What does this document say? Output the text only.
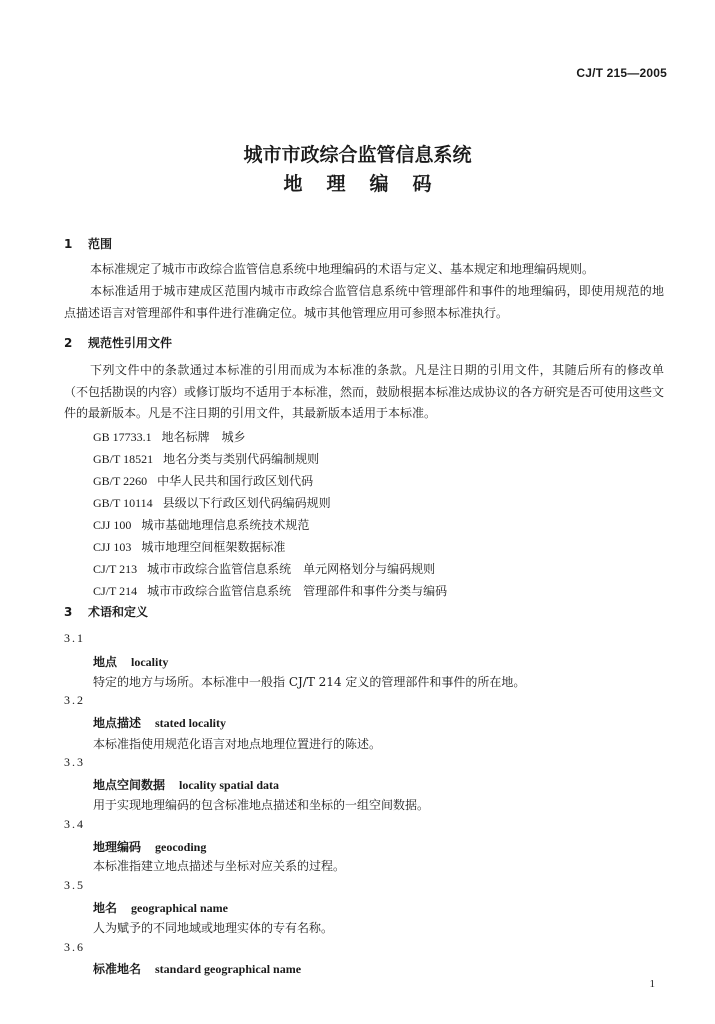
CJ/T 215—2005
城市市政综合监管信息系统
地理编码
1 范围
本标准规定了城市市政综合监管信息系统中地理编码的术语与定义、基本规定和地理编码规则。
本标准适用于城市建成区范围内城市市政综合监管信息系统中管理部件和事件的地理编码，即使用规范的地点描述语言对管理部件和事件进行准确定位。城市其他管理应用可参照本标准执行。
2 规范性引用文件
下列文件中的条款通过本标准的引用而成为本标准的条款。凡是注日期的引用文件，其随后所有的修改单（不包括勘误的内容）或修订版均不适用于本标准，然而，鼓励根据本标准达成协议的各方研究是否可使用这些文件的最新版本。凡是不注日期的引用文件，其最新版本适用于本标准。
GB 17733.1 地名标牌　城乡
GB/T 18521 地名分类与类别代码编制规则
GB/T 2260 中华人民共和国行政区划代码
GB/T 10114 县级以下行政区划代码编码规则
CJJ 100 城市基础地理信息系统技术规范
CJJ 103 城市地理空间框架数据标准
CJ/T 213 城市市政综合监管信息系统　单元网格划分与编码规则
CJ/T 214 城市市政综合监管信息系统　管理部件和事件分类与编码
3 术语和定义
3.1
地点 locality
特定的地方与场所。本标准中一般指 CJ/T 214 定义的管理部件和事件的所在地。
3.2
地点描述 stated locality
本标准指使用规范化语言对地点地理位置进行的陈述。
3.3
地点空间数据 locality spatial data
用于实现地理编码的包含标准地点描述和坐标的一组空间数据。
3.4
地理编码 geocoding
本标准指建立地点描述与坐标对应关系的过程。
3.5
地名 geographical name
人为赋予的不同地域或地理实体的专有名称。
3.6
标准地名 standard geographical name
1
